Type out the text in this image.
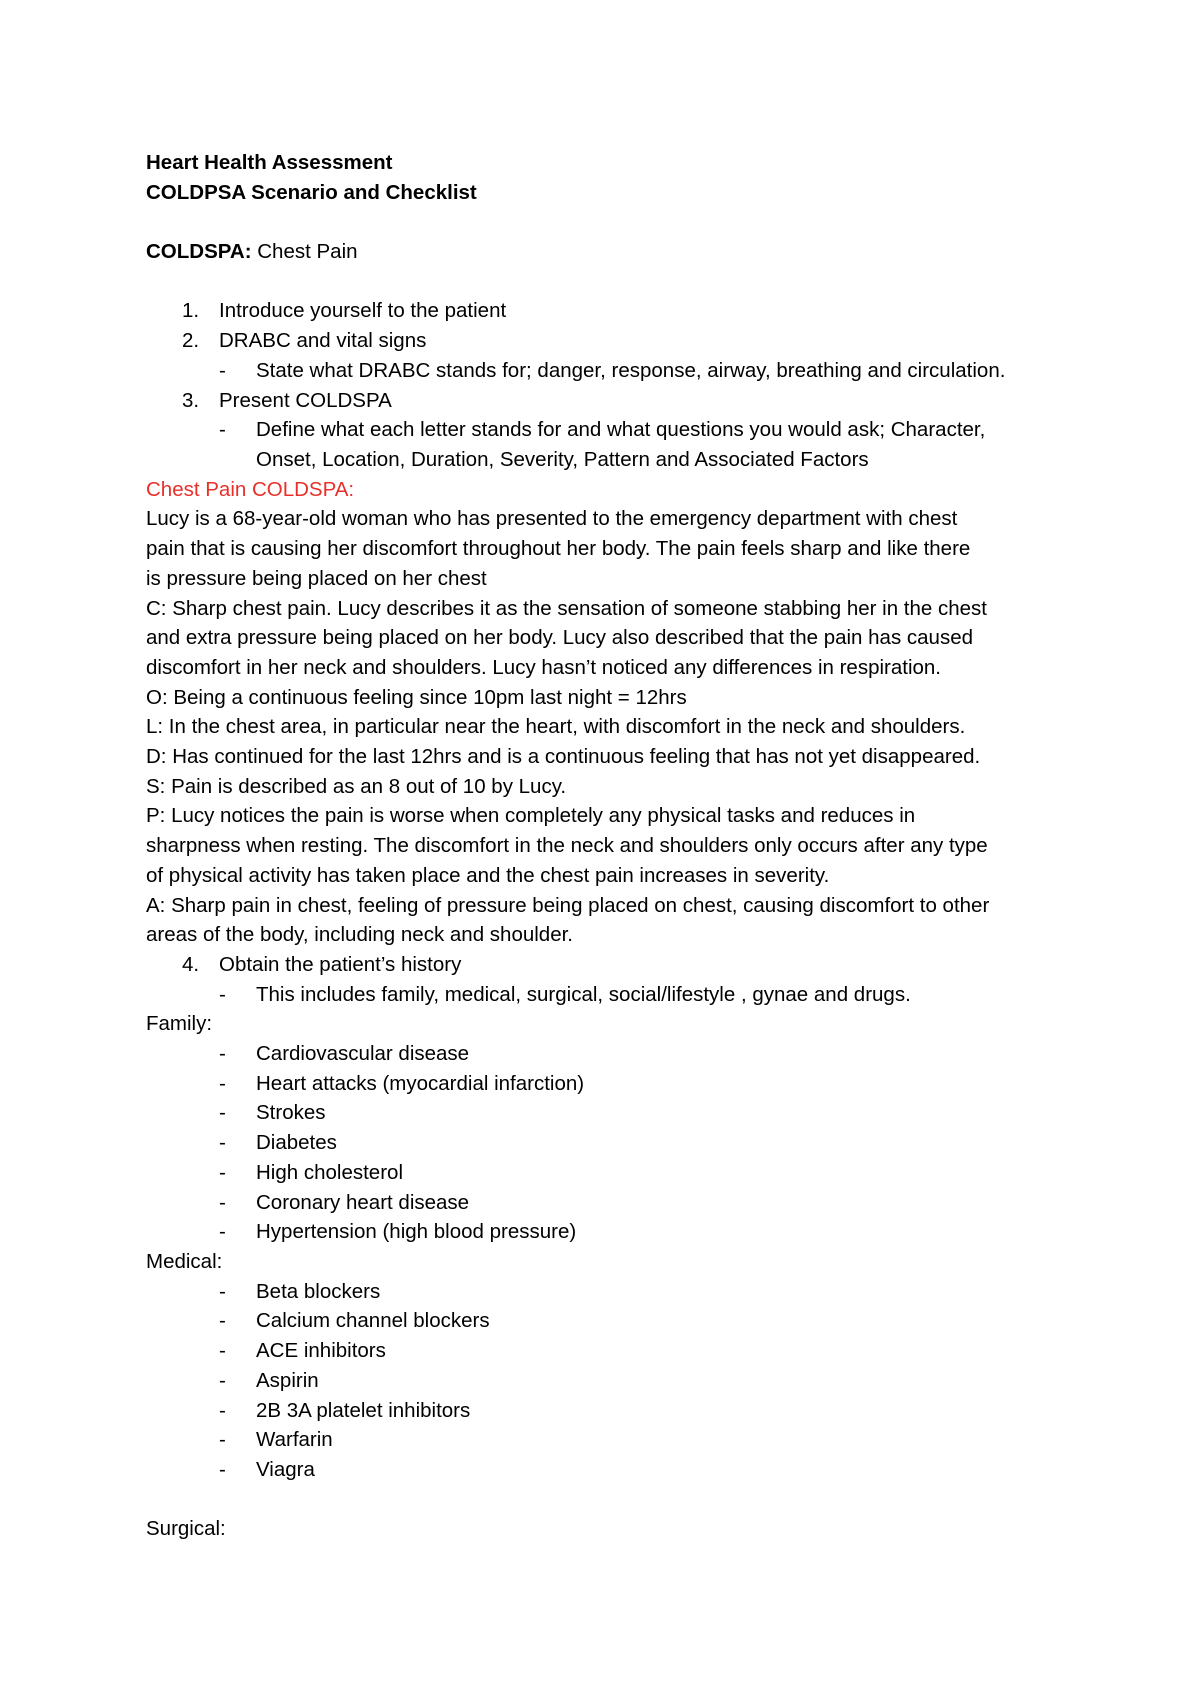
Heart Health Assessment
COLDPSA Scenario and Checklist
COLDSPA: Chest Pain
1. Introduce yourself to the patient
2. DRABC and vital signs
- State what DRABC stands for; danger, response, airway, breathing and circulation.
3. Present COLDSPA
- Define what each letter stands for and what questions you would ask; Character,
Onset, Location, Duration, Severity, Pattern and Associated Factors
Chest Pain COLDSPA:
Lucy is a 68-year-old woman who has presented to the emergency department with chest
pain that is causing her discomfort throughout her body. The pain feels sharp and like there
is pressure being placed on her chest
C: Sharp chest pain. Lucy describes it as the sensation of someone stabbing her in the chest
and extra pressure being placed on her body. Lucy also described that the pain has caused
discomfort in her neck and shoulders. Lucy hasn’t noticed any differences in respiration.
O: Being a continuous feeling since 10pm last night = 12hrs
L: In the chest area, in particular near the heart, with discomfort in the neck and shoulders.
D: Has continued for the last 12hrs and is a continuous feeling that has not yet disappeared.
S: Pain is described as an 8 out of 10 by Lucy.
P: Lucy notices the pain is worse when completely any physical tasks and reduces in
sharpness when resting. The discomfort in the neck and shoulders only occurs after any type
of physical activity has taken place and the chest pain increases in severity.
A: Sharp pain in chest, feeling of pressure being placed on chest, causing discomfort to other
areas of the body, including neck and shoulder.
4. Obtain the patient’s history
- This includes family, medical, surgical, social/lifestyle , gynae and drugs.
Family:
- Cardiovascular disease
- Heart attacks (myocardial infarction)
- Strokes
- Diabetes
- High cholesterol
- Coronary heart disease
- Hypertension (high blood pressure)
Medical:
- Beta blockers
- Calcium channel blockers
- ACE inhibitors
- Aspirin
- 2B 3A platelet inhibitors
- Warfarin
- Viagra
Surgical:
